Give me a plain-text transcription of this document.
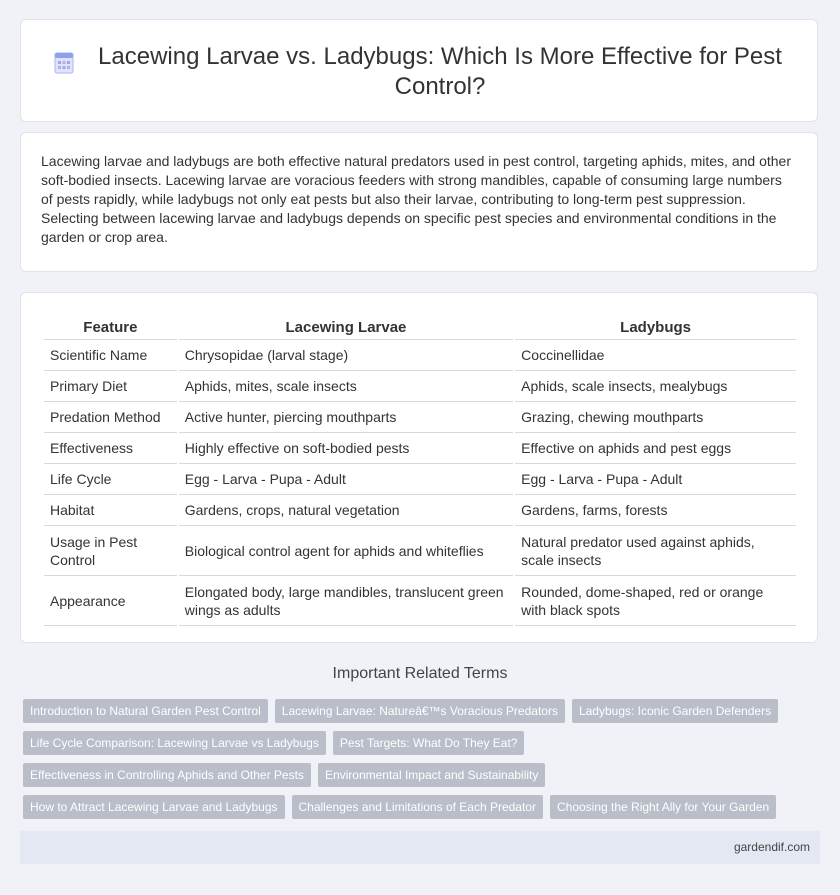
Lacewing Larvae vs. Ladybugs: Which Is More Effective for Pest Control?

Lacewing larvae and ladybugs are both effective natural predators used in pest control, targeting aphids, mites, and other soft-bodied insects. Lacewing larvae are voracious feeders with strong mandibles, capable of consuming large numbers of pests rapidly, while ladybugs not only eat pests but also their larvae, contributing to long-term pest suppression. Selecting between lacewing larvae and ladybugs depends on specific pest species and environmental conditions in the garden or crop area.

Feature	Lacewing Larvae	Ladybugs
Scientific Name	Chrysopidae (larval stage)	Coccinellidae
Primary Diet	Aphids, mites, scale insects	Aphids, scale insects, mealybugs
Predation Method	Active hunter, piercing mouthparts	Grazing, chewing mouthparts
Effectiveness	Highly effective on soft-bodied pests	Effective on aphids and pest eggs
Life Cycle	Egg - Larva - Pupa - Adult	Egg - Larva - Pupa - Adult
Habitat	Gardens, crops, natural vegetation	Gardens, farms, forests
Usage in Pest Control	Biological control agent for aphids and whiteflies	Natural predator used against aphids, scale insects
Appearance	Elongated body, large mandibles, translucent green wings as adults	Rounded, dome-shaped, red or orange with black spots
Important Related Terms
Introduction to Natural Garden Pest Control	Lacewing Larvae: Natureâ€™s Voracious Predators	Ladybugs: Iconic Garden Defenders
Life Cycle Comparison: Lacewing Larvae vs Ladybugs	Pest Targets: What Do They Eat?
Effectiveness in Controlling Aphids and Other Pests	Environmental Impact and Sustainability
How to Attract Lacewing Larvae and Ladybugs	Challenges and Limitations of Each Predator	Choosing the Right Ally for Your Garden
gardendif.com
